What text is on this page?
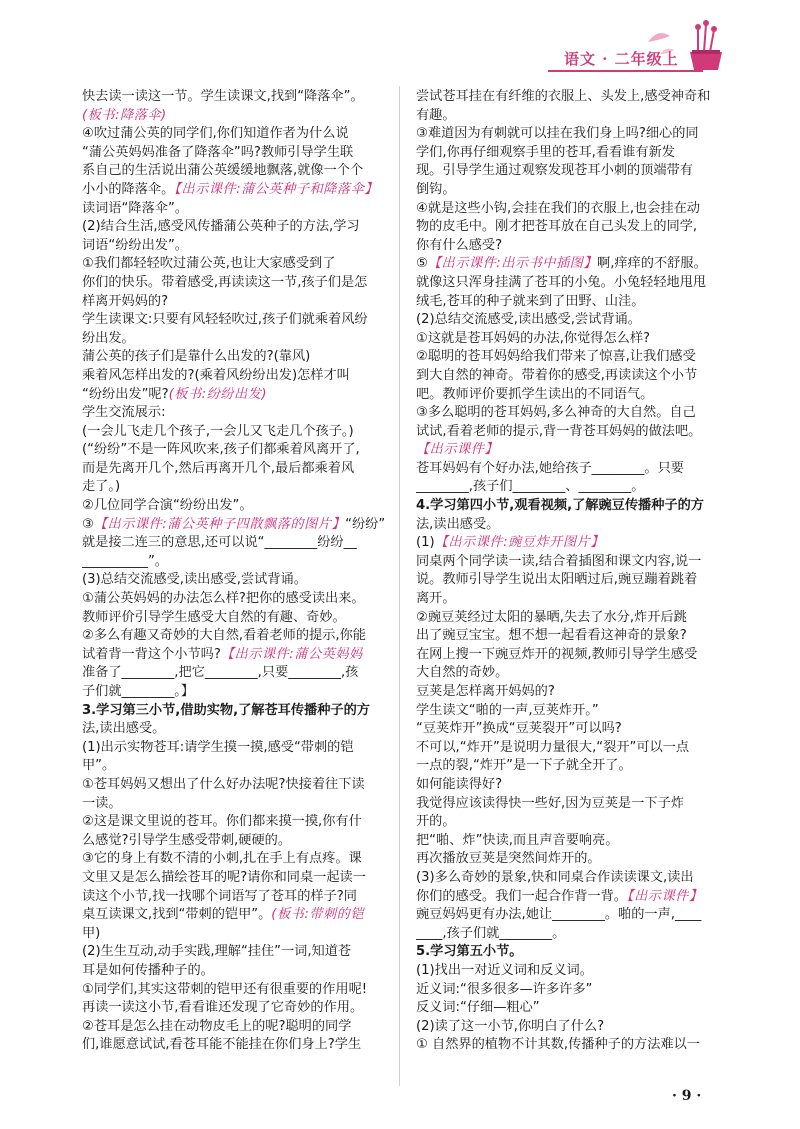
语文 · 二年级上
快去读一读这一节。学生读课文,找到“降落伞”。
(板书:降落伞)
④吹过蒲公英的同学们,你们知道作者为什么说
“蒲公英妈妈准备了降落伞”吗?教师引导学生联
系自己的生活说出蒲公英缓缓地飘落,就像一个个
小小的降落伞。【出示课件:蒲公英种子和降落伞】
读词语“降落伞”。
(2)结合生活,感受风传播蒲公英种子的方法,学习
词语“纷纷出发”。
①我们都轻轻吹过蒲公英,也让大家感受到了
你们的快乐。带着感受,再读读这一节,孩子们是怎
样离开妈妈的?
学生读课文:只要有风轻轻吹过,孩子们就乘着风纷
纷出发。
蒲公英的孩子们是靠什么出发的?(靠风)
乘着风怎样出发的?(乘着风纷纷出发)怎样才叫
“纷纷出发”呢?(板书:纷纷出发)
学生交流展示:
(一会儿飞走几个孩子,一会儿又飞走几个孩子。)
(“纷纷”不是一阵风吹来,孩子们都乘着风离开了,
而是先离开几个,然后再离开几个,最后都乘着风
走了。)
②几位同学合演“纷纷出发”。
③【出示课件:蒲公英种子四散飘落的图片】“纷纷”
就是接二连三的意思,还可以说“________纷纷__
__________”。
(3)总结交流感受,读出感受,尝试背诵。
①蒲公英妈妈的办法怎么样?把你的感受读出来。
教师评价引导学生感受大自然的有趣、奇妙。
②多么有趣又奇妙的大自然,看着老师的提示,你能
试着背一背这个小节吗?【出示课件:蒲公英妈妈
准备了________,把它________,只要________,孩
子们就________。】
3.学习第三小节,借助实物,了解苍耳传播种子的方
法,读出感受。
(1)出示实物苍耳:请学生摸一摸,感受“带刺的铠
甲”。
①苍耳妈妈又想出了什么好办法呢?快接着往下读
一读。
②这是课文里说的苍耳。你们都来摸一摸,你有什
么感觉?引导学生感受带刺,硬硬的。
③它的身上有数不清的小刺,扎在手上有点疼。课
文里又是怎么描绘苍耳的呢?请你和同桌一起读一
读这个小节,找一找哪个词语写了苍耳的样子?同
桌互读课文,找到“带刺的铠甲”。(板书:带刺的铠
甲)
(2)生生互动,动手实践,理解“挂住”一词,知道苍
耳是如何传播种子的。
①同学们,其实这带刺的铠甲还有很重要的作用呢!
再读一读这小节,看看谁还发现了它奇妙的作用。
②苍耳是怎么挂在动物皮毛上的呢?聪明的同学
们,谁愿意试试,看苍耳能不能挂在你们身上?学生
尝试苍耳挂在有纤维的衣服上、头发上,感受神奇和
有趣。
③难道因为有刺就可以挂在我们身上吗?细心的同
学们,你再仔细观察手里的苍耳,看看谁有新发
现。引导学生通过观察发现苍耳小刺的顶端带有
倒钩。
④就是这些小钩,会挂在我们的衣服上,也会挂在动
物的皮毛中。刚才把苍耳放在自己头发上的同学,
你有什么感受?
⑤【出示课件:出示书中插图】啊,痒痒的不舒服。
就像这只浑身挂满了苍耳的小兔。小兔轻轻地甩甩
绒毛,苍耳的种子就来到了田野、山洼。
(2)总结交流感受,读出感受,尝试背诵。
①这就是苍耳妈妈的办法,你觉得怎么样?
②聪明的苍耳妈妈给我们带来了惊喜,让我们感受
到大自然的神奇。带着你的感受,再读读这个小节
吧。教师评价要抓学生读出的不同语气。
③多么聪明的苍耳妈妈,多么神奇的大自然。自己
试试,看着老师的提示,背一背苍耳妈妈的做法吧。
【出示课件】
苍耳妈妈有个好办法,她给孩子________。只要
________,孩子们________、________。
4.学习第四小节,观看视频,了解豌豆传播种子的方
法,读出感受。
(1)【出示课件:豌豆炸开图片】
同桌两个同学读一读,结合着插图和课文内容,说一
说。教师引导学生说出太阳晒过后,豌豆蹦着跳着
离开。
②豌豆荚经过太阳的暴晒,失去了水分,炸开后跳
出了豌豆宝宝。想不想一起看看这神奇的景象?
在网上搜一下豌豆炸开的视频,教师引导学生感受
大自然的奇妙。
豆荚是怎样离开妈妈的?
学生读文“啪的一声,豆荚炸开。”
“豆荚炸开”换成“豆荚裂开”可以吗?
不可以,“炸开”是说明力量很大,“裂开”可以一点
一点的裂,“炸开”是一下子就全开了。
如何能读得好?
我觉得应该读得快一些好,因为豆荚是一下子炸
开的。
把“啪、炸”快读,而且声音要响亮。
再次播放豆荚是突然间炸开的。
(3)多么奇妙的景象,快和同桌合作读读课文,读出
你们的感受。我们一起合作背一背。【出示课件】
豌豆妈妈更有办法,她让________。啪的一声,____
____,孩子们就________。
5.学习第五小节。
(1)找出一对近义词和反义词。
近义词:“很多很多—许多许多”
反义词:“仔细—粗心”
(2)读了这一小节,你明白了什么?
① 自然界的植物不计其数,传播种子的方法难以一
· 9 ·
